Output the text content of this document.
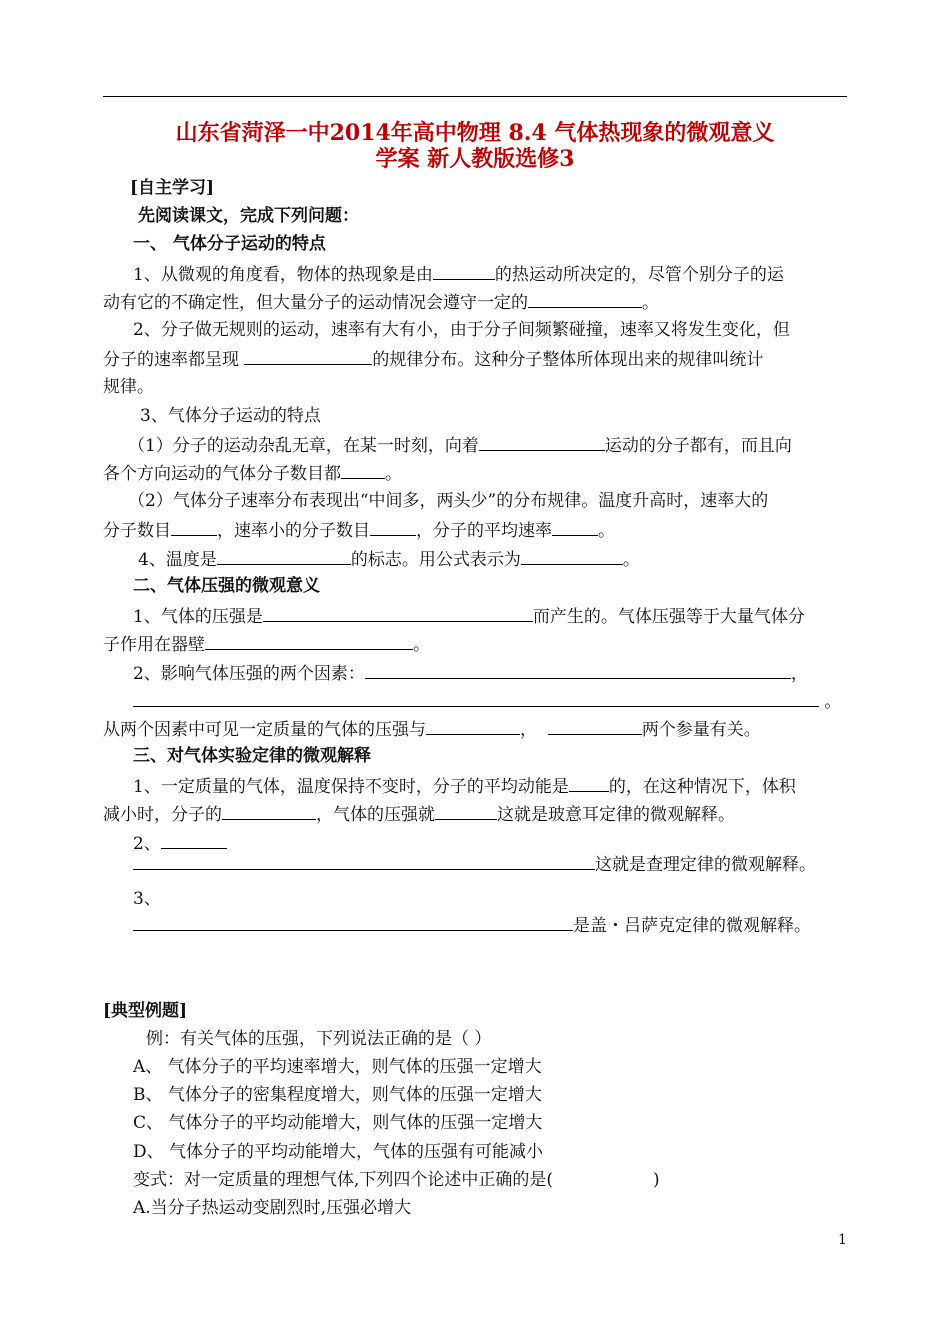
山东省菏泽一中2014年高中物理 8.4 气体热现象的微观意义
学案 新人教版选修3
[自主学习]
先阅读课文，完成下列问题：
一、 气体分子运动的特点
1、从微观的角度看，物体的热现象是由	的热运动所决定的，尽管个别分子的运
动有它的不确定性，但大量分子的运动情况会遵守一定的	。
2、分子做无规则的运动，速率有大有小，由于分子间频繁碰撞，速率又将发生变化，但
分子的速率都呈现	的规律分布。这种分子整体所体现出来的规律叫统计
规律。
3、气体分子运动的特点
（1）分子的运动杂乱无章，在某一时刻，向着	运动的分子都有，而且向
各个方向运动的气体分子数目都	。
（2）气体分子速率分布表现出“中间多，两头少”的分布规律。温度升高时，速率大的
分子数目	，速率小的分子数目	，分子的平均速率	。
4、温度是	的标志。用公式表示为	。
二、气体压强的微观意义
1、气体的压强是	而产生的。气体压强等于大量气体分
子作用在器壁	。
2、影响气体压强的两个因素：	，
。
从两个因素中可见一定质量的气体的压强与	，	两个参量有关。
三、对气体实验定律的微观解释
1、一定质量的气体，温度保持不变时，分子的平均动能是 的，在这种情况下，体积
减小时，分子的	，气体的压强就	这就是玻意耳定律的微观解释。
2、
这就是查理定律的微观解释。
3、
是盖・吕萨克定律的微观解释。
[典型例题]
例：有关气体的压强，下列说法正确的是（ ）
A、 气体分子的平均速率增大，则气体的压强一定增大
B、 气体分子的密集程度增大，则气体的压强一定增大
C、 气体分子的平均动能增大，则气体的压强一定增大
D、 气体分子的平均动能增大，气体的压强有可能减小
变式：对一定质量的理想气体,下列四个论述中正确的是(	)
A.当分子热运动变剧烈时,压强必增大
1
